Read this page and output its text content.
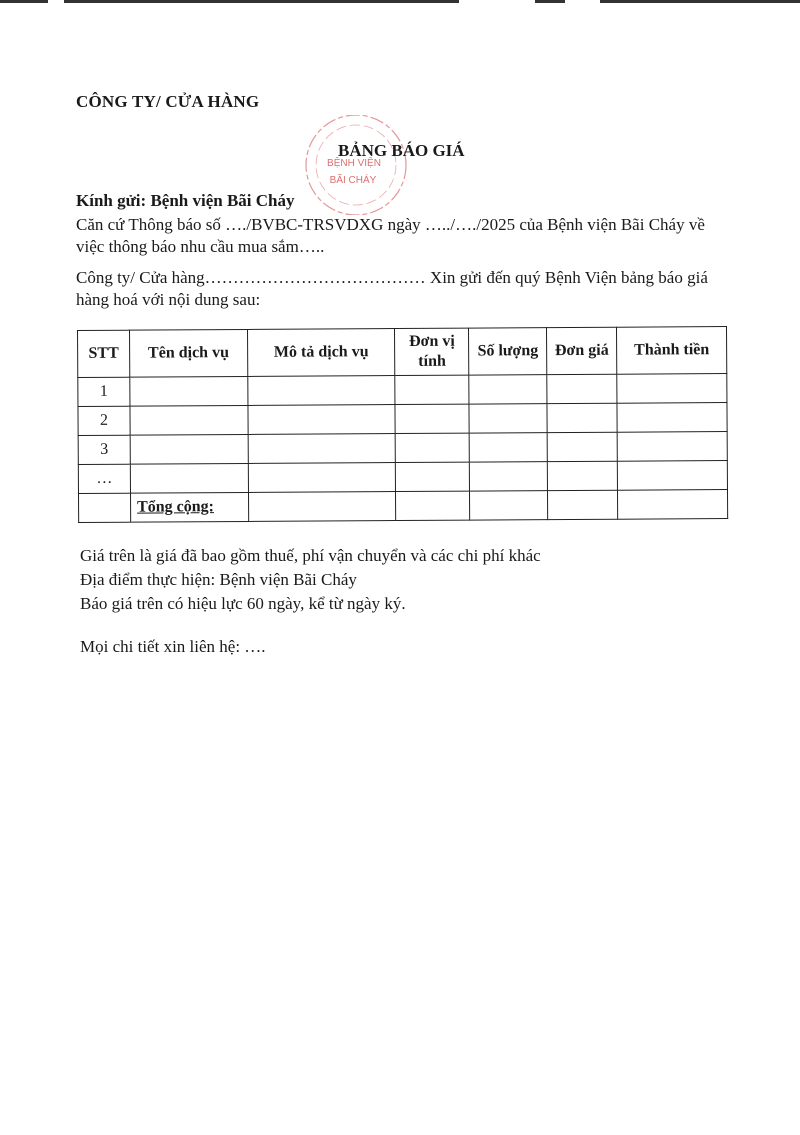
CÔNG TY/ CỬA HÀNG
BỆNH VIỆN
BÃI CHÁY
BẢNG BÁO GIÁ
Kính gửi: Bệnh viện Bãi Cháy
Căn cứ Thông báo số …./BVBC-TRSVDXG ngày …../…./2025 của Bệnh viện Bãi Cháy về việc thông báo nhu cầu mua sắm…..
Công ty/ Cửa hàng………………………………… Xin gửi đến quý Bệnh Viện bảng báo giá hàng hoá với nội dung sau:
STT	Tên dịch vụ	Mô tả dịch vụ	Đơn vị tính	Số lượng	Đơn giá	Thành tiền
1						
2						
3						
…						
	Tổng cộng:					
Giá trên là giá đã bao gồm thuế, phí vận chuyển và các chi phí khác
Địa điểm thực hiện: Bệnh viện Bãi Cháy
Báo giá trên có hiệu lực 60 ngày, kể từ ngày ký.
Mọi chi tiết xin liên hệ: ….
